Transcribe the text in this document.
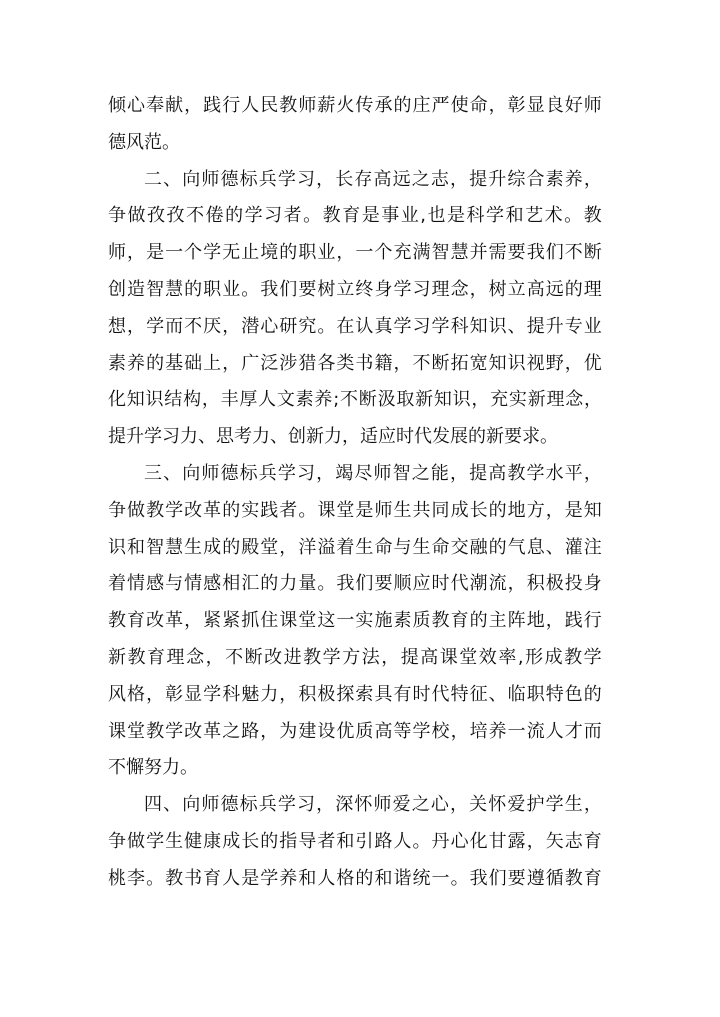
倾 心 奉 献 ， 践 行 人 民 教 师 薪 火 传 承 的 庄 严 使 命 ， 彰 显 良 好 师
德 风 范 。
二 、 向 师 德 标 兵 学 习 ， 长 存 高 远 之 志 ， 提 升 综 合 素 养 ，
争 做 孜 孜 不 倦 的 学 习 者 。 教 育 是 事 业 , 也 是 科 学 和 艺 术 。 教
师 ， 是 一 个 学 无 止 境 的 职 业 ， 一 个 充 满 智 慧 并 需 要 我 们 不 断
创 造 智 慧 的 职 业 。 我 们 要 树 立 终 身 学 习 理 念 ， 树 立 高 远 的 理
想 ， 学 而 不 厌 ， 潜 心 研 究 。 在 认 真 学 习 学 科 知 识 、 提 升 专 业
素 养 的 基 础 上 ， 广 泛 涉 猎 各 类 书 籍 ， 不 断 拓 宽 知 识 视 野 ， 优
化 知 识 结 构 ， 丰 厚 人 文 素 养 ; 不 断 汲 取 新 知 识 ， 充 实 新 理 念 ，
提 升 学 习 力 、 思 考 力 、 创 新 力 ， 适 应 时 代 发 展 的 新 要 求 。
三 、 向 师 德 标 兵 学 习 ， 竭 尽 师 智 之 能 ， 提 高 教 学 水 平 ，
争 做 教 学 改 革 的 实 践 者 。 课 堂 是 师 生 共 同 成 长 的 地 方 ， 是 知
识 和 智 慧 生 成 的 殿 堂 ， 洋 溢 着 生 命 与 生 命 交 融 的 气 息 、 灌 注
着 情 感 与 情 感 相 汇 的 力 量 。 我 们 要 顺 应 时 代 潮 流 ， 积 极 投 身
教 育 改 革 ， 紧 紧 抓 住 课 堂 这 一 实 施 素 质 教 育 的 主 阵 地 ， 践 行
新 教 育 理 念 ， 不 断 改 进 教 学 方 法 ， 提 高 课 堂 效 率 , 形 成 教 学
风 格 ， 彰 显 学 科 魅 力 ， 积 极 探 索 具 有 时 代 特 征 、 临 职 特 色 的
课 堂 教 学 改 革 之 路 ， 为 建 设 优 质 高 等 学 校 ， 培 养 一 流 人 才 而
不 懈 努 力 。
四 、 向 师 德 标 兵 学 习 ， 深 怀 师 爱 之 心 ， 关 怀 爱 护 学 生 ，
争 做 学 生 健 康 成 长 的 指 导 者 和 引 路 人 。 丹 心 化 甘 露 ， 矢 志 育
桃 李 。 教 书 育 人 是 学 养 和 人 格 的 和 谐 统 一 。 我 们 要 遵 循 教 育
